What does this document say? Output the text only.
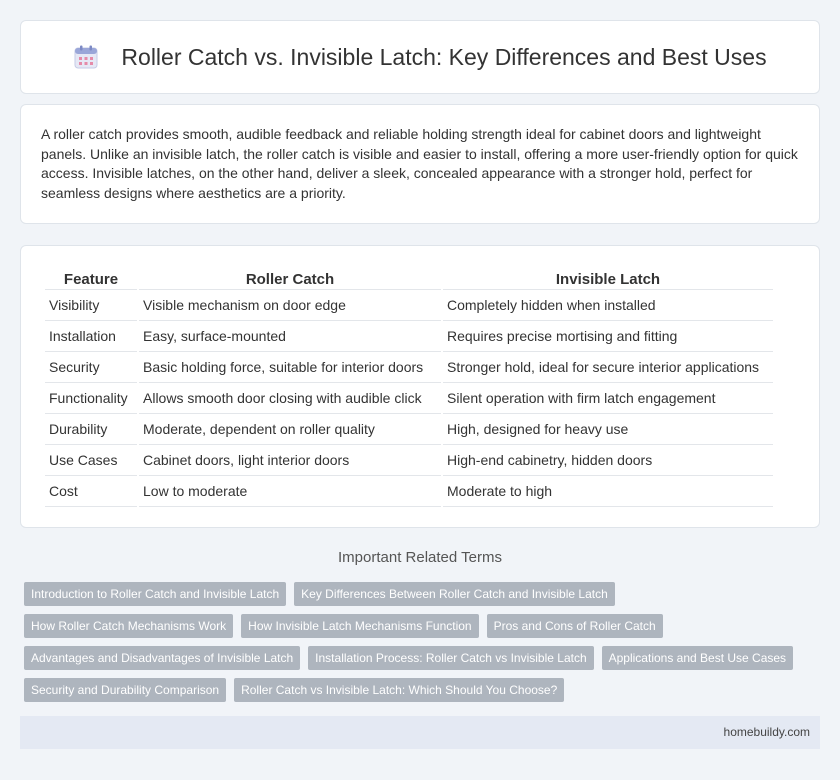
Roller Catch vs. Invisible Latch: Key Differences and Best Uses

A roller catch provides smooth, audible feedback and reliable holding strength ideal for cabinet doors and lightweight panels. Unlike an invisible latch, the roller catch is visible and easier to install, offering a more user-friendly option for quick access. Invisible latches, on the other hand, deliver a sleek, concealed appearance with a stronger hold, perfect for seamless designs where aesthetics are a priority.

Feature	Roller Catch	Invisible Latch
Visibility	Visible mechanism on door edge	Completely hidden when installed
Installation	Easy, surface-mounted	Requires precise mortising and fitting
Security	Basic holding force, suitable for interior doors	Stronger hold, ideal for secure interior applications
Functionality	Allows smooth door closing with audible click	Silent operation with firm latch engagement
Durability	Moderate, dependent on roller quality	High, designed for heavy use
Use Cases	Cabinet doors, light interior doors	High-end cabinetry, hidden doors
Cost	Low to moderate	Moderate to high
Important Related Terms
Introduction to Roller Catch and Invisible Latch	Key Differences Between Roller Catch and Invisible Latch
How Roller Catch Mechanisms Work	How Invisible Latch Mechanisms Function	Pros and Cons of Roller Catch
Advantages and Disadvantages of Invisible Latch	Installation Process: Roller Catch vs Invisible Latch	Applications and Best Use Cases
Security and Durability Comparison	Roller Catch vs Invisible Latch: Which Should You Choose?
homebuildy.com
